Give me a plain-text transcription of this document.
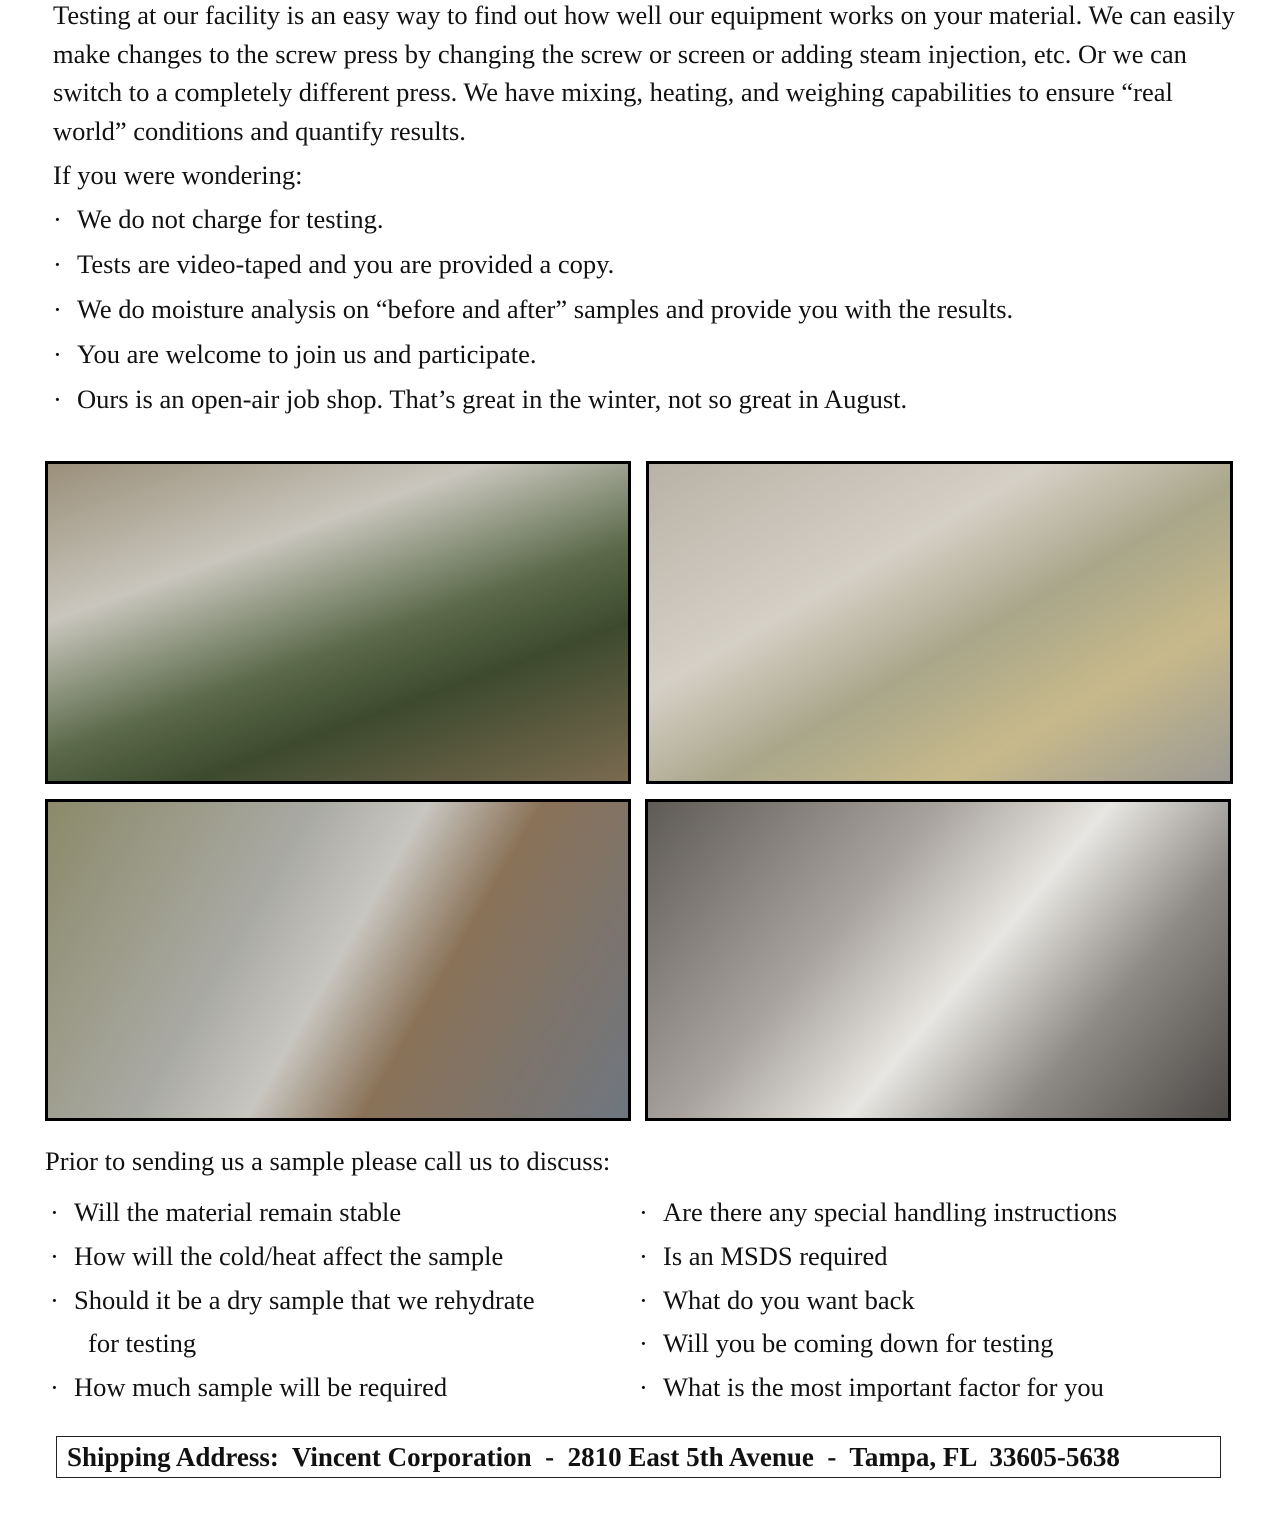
Testing at our facility is an easy way to find out how well our equipment works on your material. We can easily make changes to the screw press by changing the screw or screen or adding steam injection, etc. Or we can switch to a completely different press. We have mixing, heating, and weighing capabilities to ensure “real world” conditions and quantify results.
If you were wondering:
· We do not charge for testing.
· Tests are video-taped and you are provided a copy.
· We do moisture analysis on “before and after” samples and provide you with the results.
· You are welcome to join us and participate.
· Ours is an open-air job shop. That’s great in the winter, not so great in August.
Prior to sending us a sample please call us to discuss:
· Will the material remain stable
· How will the cold/heat affect the sample
· Should it be a dry sample that we rehydrate
for testing
· How much sample will be required
· Are there any special handling instructions
· Is an MSDS required
· What do you want back
· Will you be coming down for testing
· What is the most important factor for you
Shipping Address:  Vincent Corporation  -  2810 East 5th Avenue  -  Tampa, FL  33605-5638
